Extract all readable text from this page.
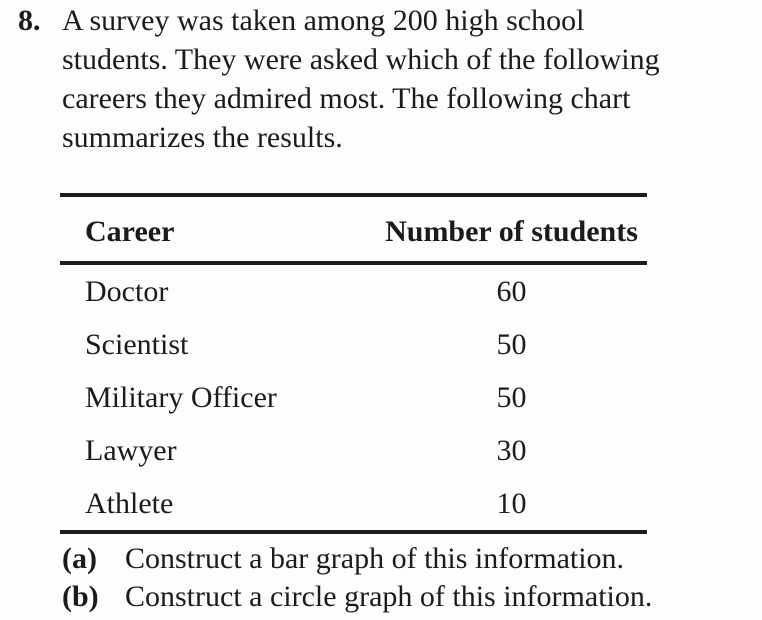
8. A survey was taken among 200 high school
students. They were asked which of the following
careers they admired most. The following chart
summarizes the results.
Career	Number of students
Doctor	60
Scientist	50
Military Officer	50
Lawyer	30
Athlete	10
(a) Construct a bar graph of this information.
(b) Construct a circle graph of this information.
